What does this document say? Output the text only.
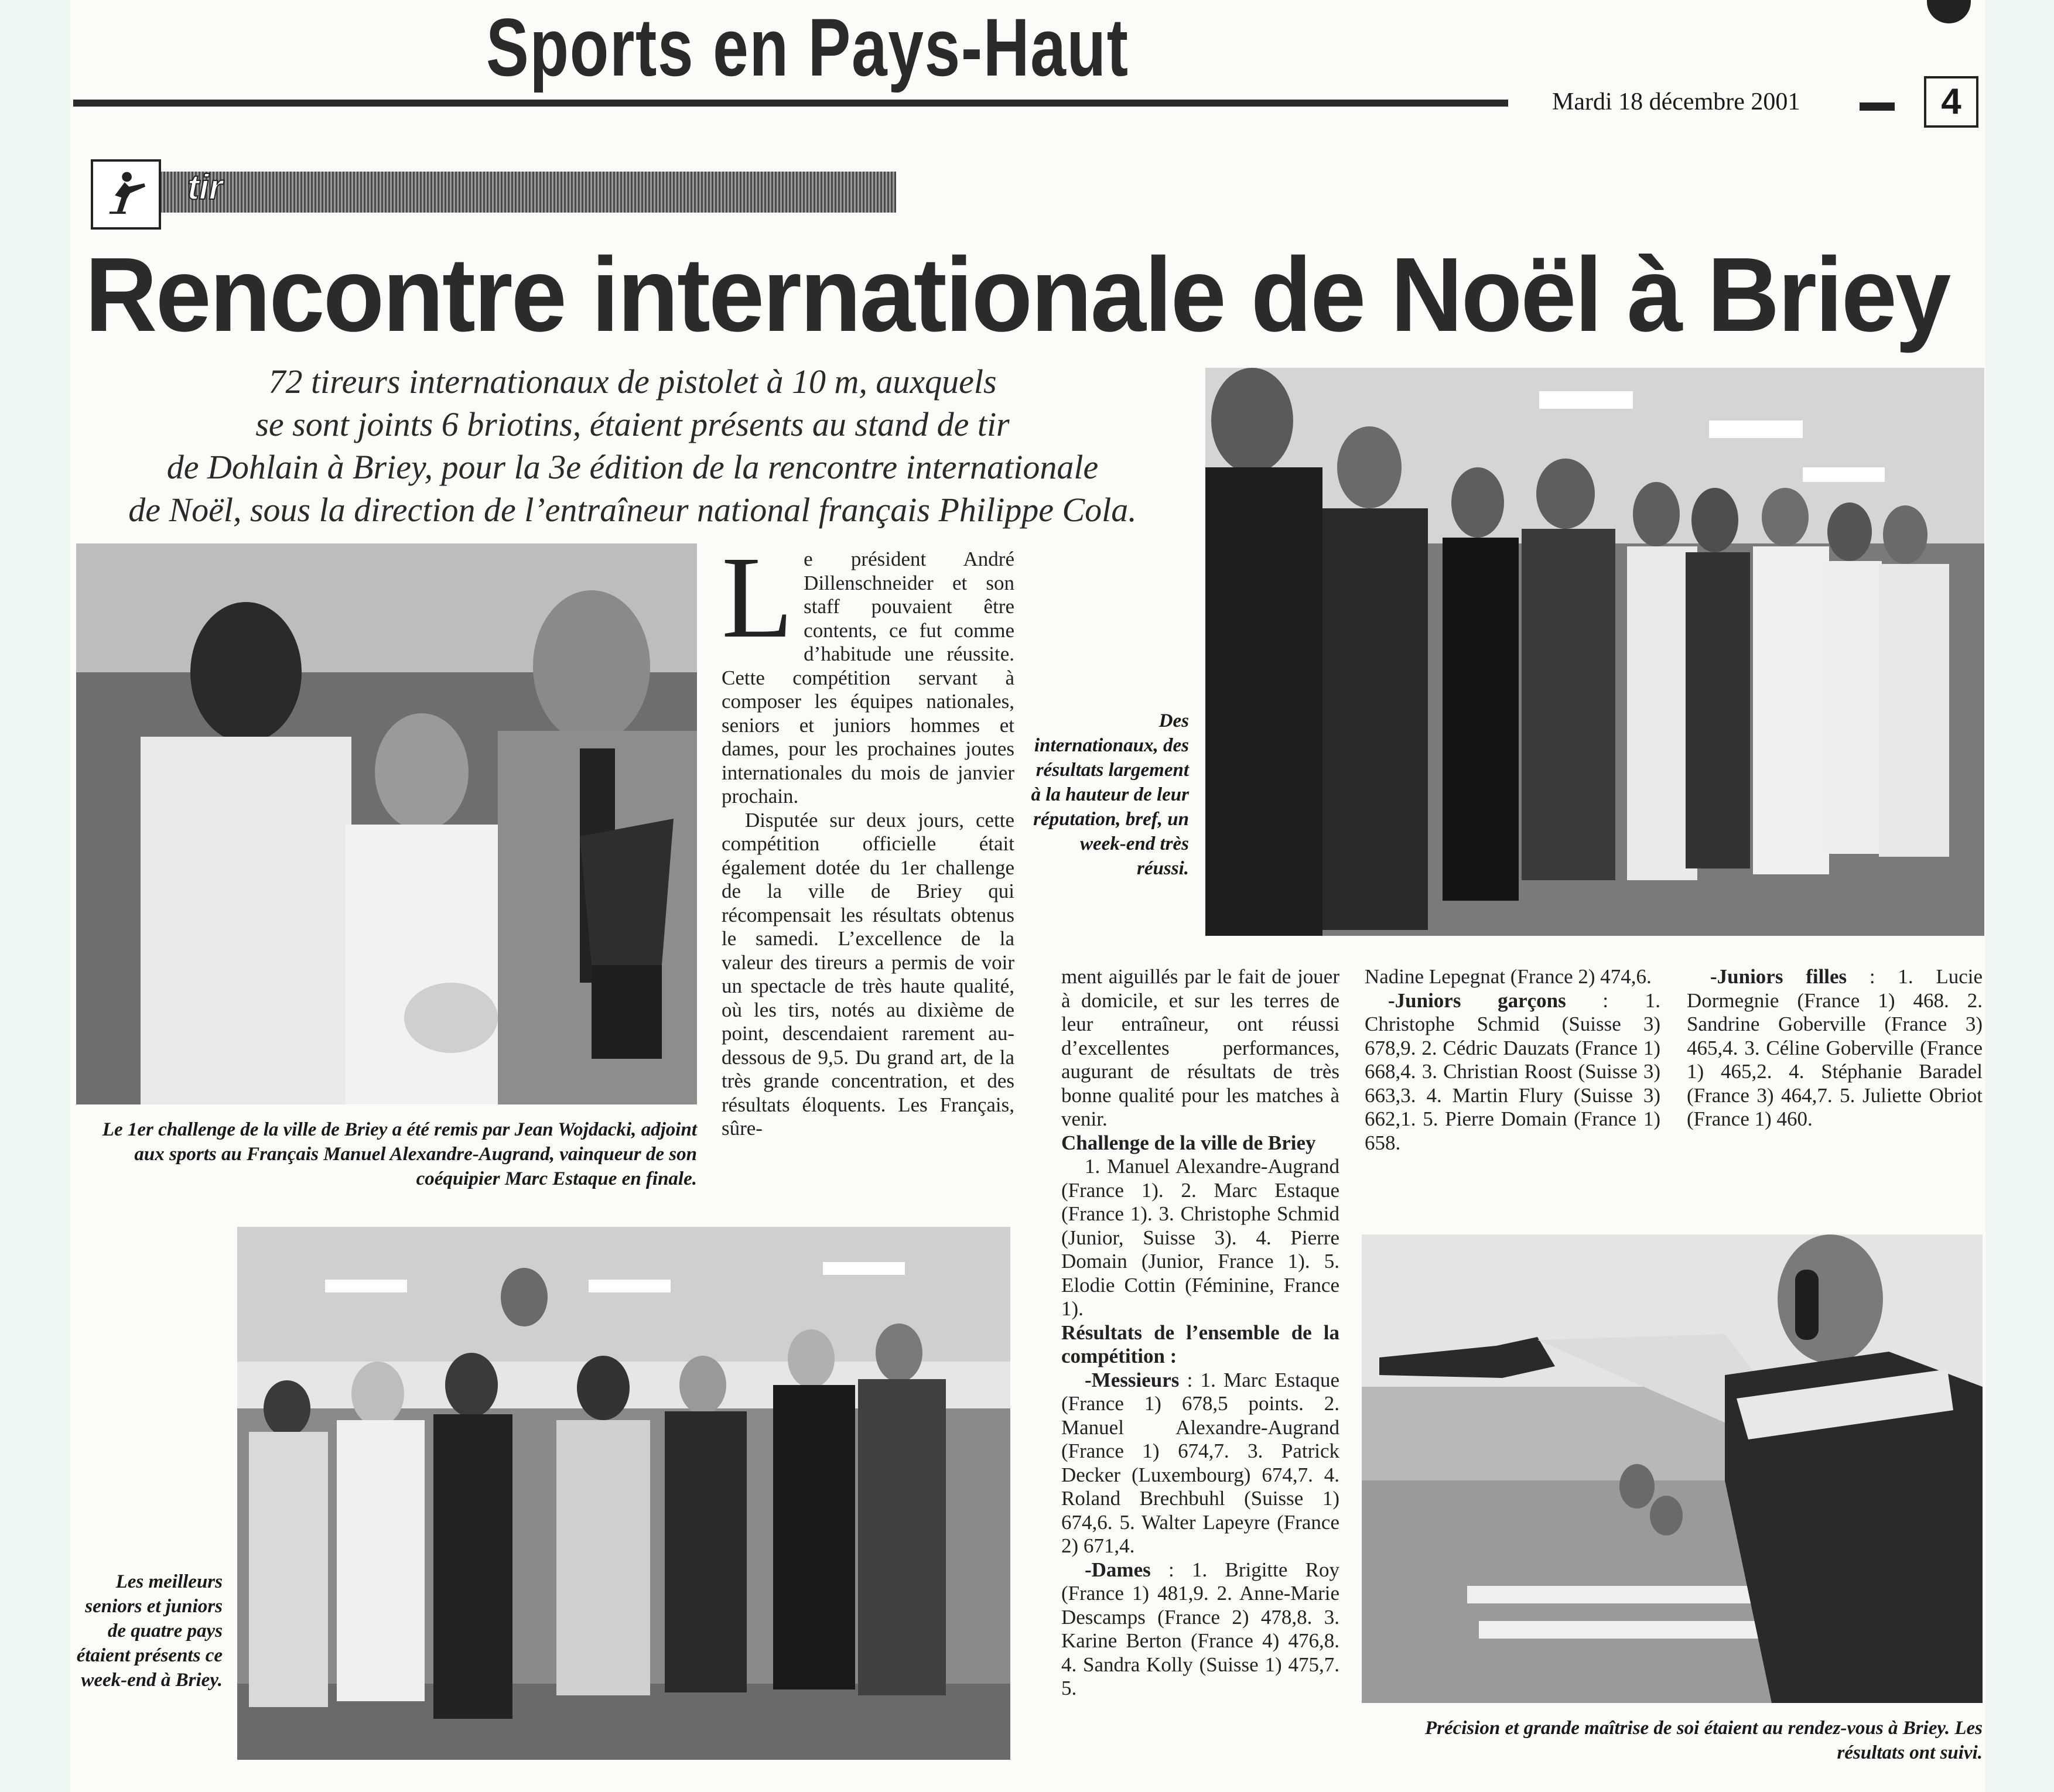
Sports en Pays-Haut
Mardi 18 décembre 2001	4
tir
Rencontre internationale de Noël à Briey
72 tireurs internationaux de pistolet à 10 m, auxquels
se sont joints 6 briotins, étaient présents au stand de tir
de Dohlain à Briey, pour la 3e édition de la rencontre internationale
de Noël, sous la direction de l’entraîneur national français Philippe Cola.
Le 1er challenge de la ville de Briey a été remis par Jean Wojdacki, adjoint aux sports au Français Manuel Alexandre-Augrand, vainqueur de son coéquipier Marc Estaque en finale.
Des internationaux, des résultats largement à la hauteur de leur réputation, bref, un week-end très réussi.
Les meilleurs seniors et juniors de quatre pays étaient présents ce week-end à Briey.
Précision et grande maîtrise de soi étaient au rendez-vous à Briey. Les résultats ont suivi.

Le président André Dillenschneider et son staff pouvaient être contents, ce fut comme d’habitude une réussite. Cette compétition servant à composer les équipes nationales, seniors et juniors hommes et dames, pour les prochaines joutes internationales du mois de janvier prochain.

Disputée sur deux jours, cette compétition officielle était également dotée du 1er challenge de la ville de Briey qui récompensait les résultats obtenus le samedi. L’excellence de la valeur des tireurs a permis de voir un spectacle de très haute qualité, où les tirs, notés au dixième de point, descendaient rarement au-dessous de 9,5. Du grand art, de la très grande concentration, et des résultats éloquents. Les Français, sûre-

ment aiguillés par le fait de jouer à domicile, et sur les terres de leur entraîneur, ont réussi d’excellentes performances, augurant de résultats de très bonne qualité pour les matches à venir.

Challenge de la ville de Briey

1. Manuel Alexandre-Augrand (France 1). 2. Marc Estaque (France 1). 3. Christophe Schmid (Junior, Suisse 3). 4. Pierre Domain (Junior, France 1). 5. Elodie Cottin (Féminine, France 1).

Résultats de l’ensemble de la compétition :

-Messieurs : 1. Marc Estaque (France 1) 678,5 points. 2. Manuel Alexandre-Augrand (France 1) 674,7. 3. Patrick Decker (Luxembourg) 674,7. 4. Roland Brechbuhl (Suisse 1) 674,6. 5. Walter Lapeyre (France 2) 671,4.

-Dames : 1. Brigitte Roy (France 1) 481,9. 2. Anne-Marie Descamps (France 2) 478,8. 3. Karine Berton (France 4) 476,8. 4. Sandra Kolly (Suisse 1) 475,7. 5.

Nadine Lepegnat (France 2) 474,6.

-Juniors garçons : 1. Christophe Schmid (Suisse 3) 678,9. 2. Cédric Dauzats (France 1) 668,4. 3. Christian Roost (Suisse 3) 663,3. 4. Martin Flury (Suisse 3) 662,1. 5. Pierre Domain (France 1) 658.

-Juniors filles : 1. Lucie Dormegnie (France 1) 468. 2. Sandrine Goberville (France 3) 465,4. 3. Céline Goberville (France 1) 465,2. 4. Stéphanie Baradel (France 3) 464,7. 5. Juliette Obriot (France 1) 460.
